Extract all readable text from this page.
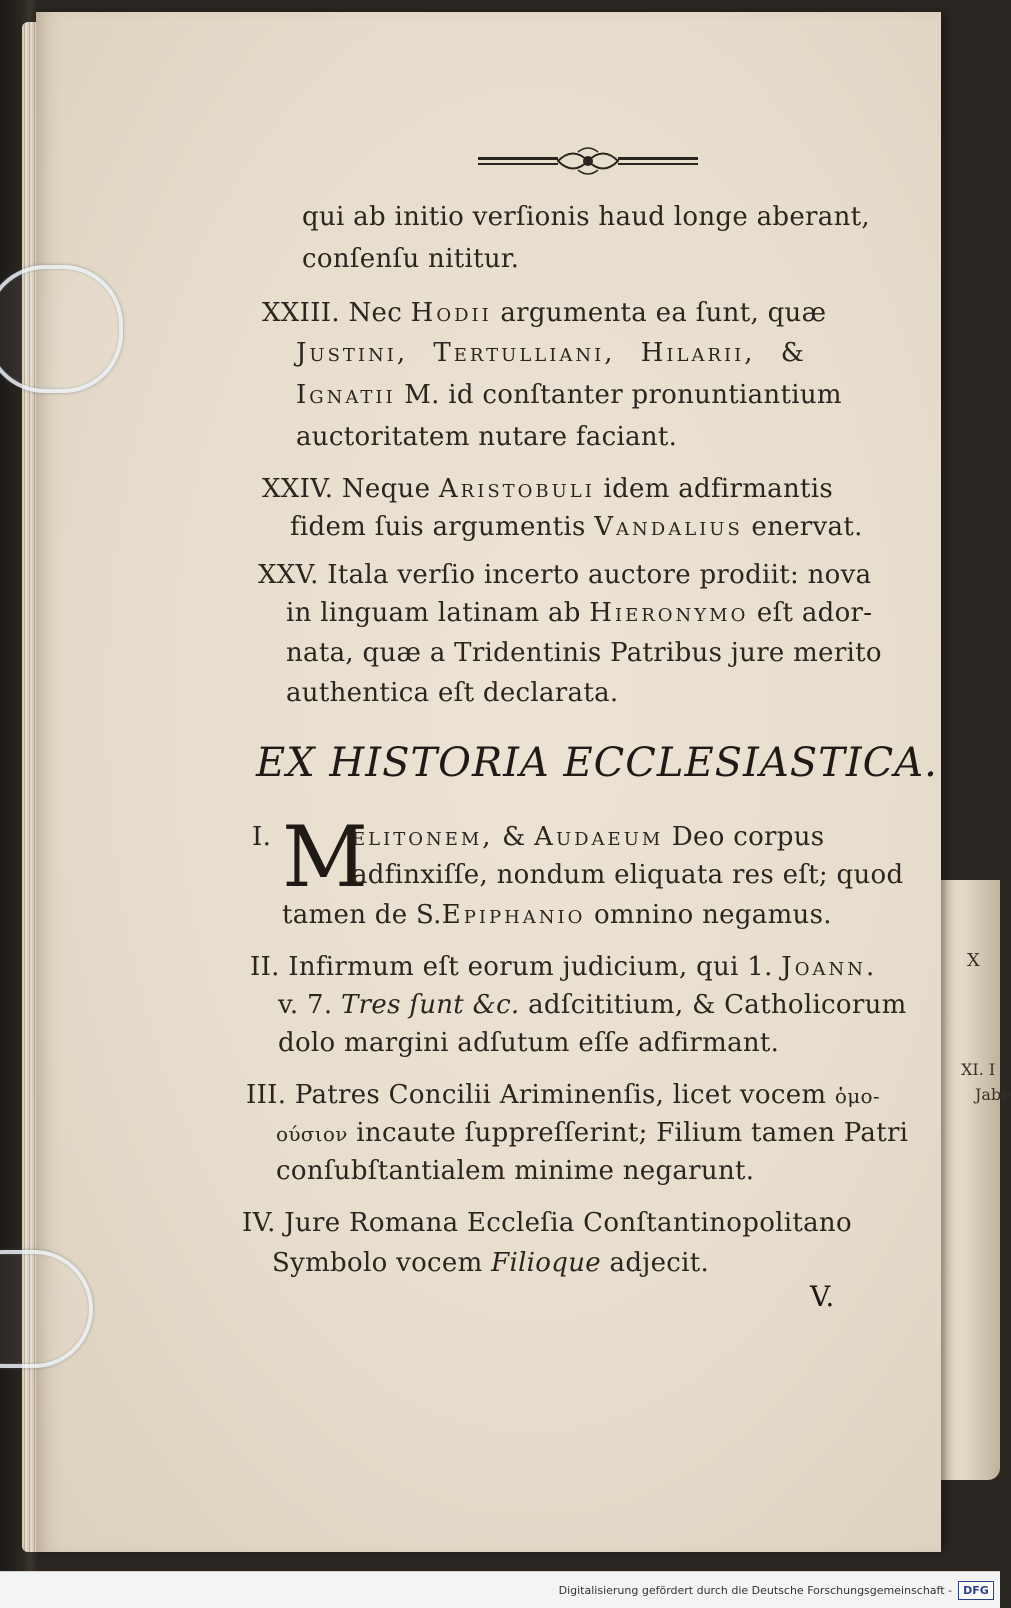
X
XI. I
Jabe
qui ab initio verſionis haud longe aberant,
conſenſu nititur.
XXIII. Nec Hodii argumenta ea ſunt, quæ
Justini, Tertulliani, Hilarii, &
Ignatii M. id conſtanter pronuntiantium
auctoritatem nutare faciant.
XXIV. Neque Aristobuli idem adfirmantis
fidem ſuis argumentis Vandalius enervat.
XXV. Itala verſio incerto auctore prodiit: nova
in linguam latinam ab Hieronymo eſt ador-
nata, quæ a Tridentinis Patribus jure merito
authentica eſt declarata.
EX HISTORIA ECCLESIASTICA.
I. M
elitonem, & Audaeum Deo corpus
adfinxiſſe, nondum eliquata res eſt; quod
tamen de S.Epiphanio omnino negamus.
II. Infirmum eſt eorum judicium, qui 1. Joann.
v. 7. Tres ſunt &c. adſcititium, & Catholicorum
dolo margini adſutum eſſe adfirmant.
III. Patres Concilii Ariminenſis, licet vocem ὁμο-
ούσιον incaute ſuppreſſerint; Filium tamen Patri
conſubſtantialem minime negarunt.
IV. Jure Romana Eccleſia Conſtantinopolitano
Symbolo vocem Filioque adjecit.
V.
Digitalisierung gefördert durch die Deutsche Forschungsgemeinschaft -	DFG
